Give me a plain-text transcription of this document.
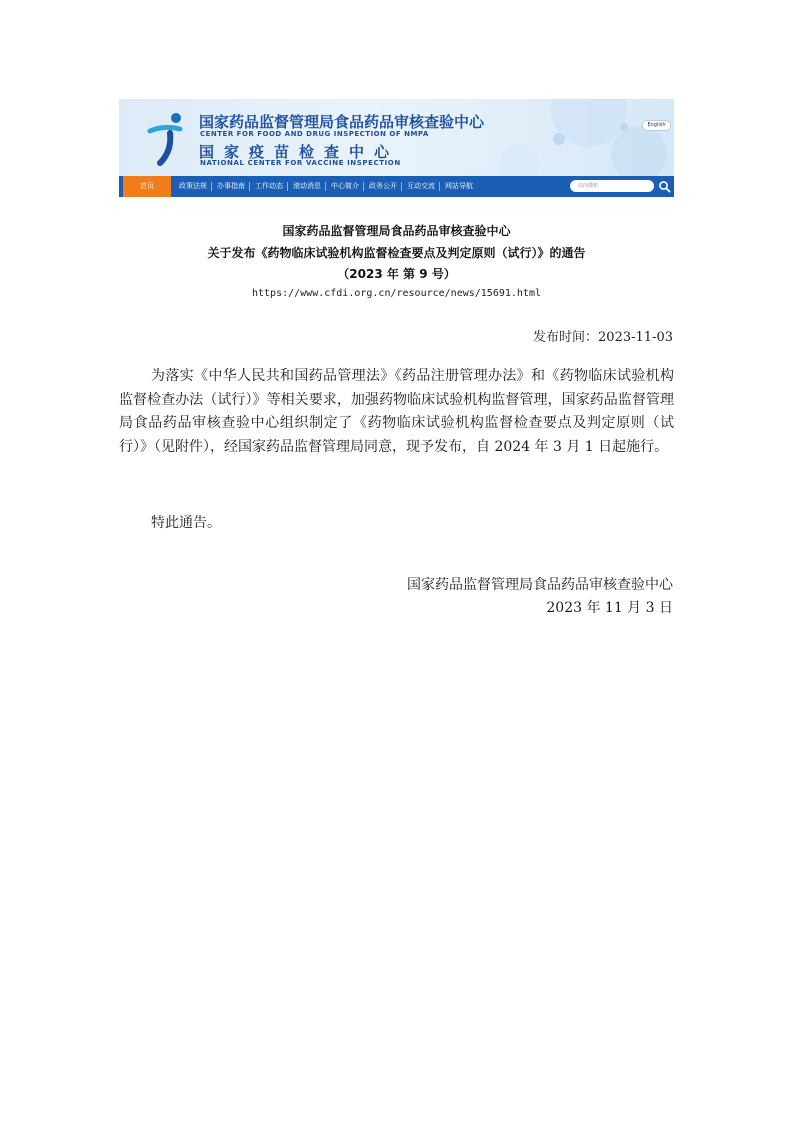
国家药品监督管理局食品药品审核查验中心
CENTER FOR FOOD AND DRUG INSPECTION OF NMPA
国家疫苗检查中心
NATIONAL CENTER FOR VACCINE INSPECTION
English
首页	政策法规	办事指南	工作动态	滚动消息	中心简介	政务公开	互动交流	网站导航	站内搜索
国家药品监督管理局食品药品审核查验中心
关于发布《药物临床试验机构监督检查要点及判定原则（试行）》的通告
（2023 年 第 9 号）
https://www.cfdi.org.cn/resource/news/15691.html
发布时间：2023-11-03
为落实《中华人民共和国药品管理法》《药品注册管理办法》和《药物临床试验机构监督检查办法（试行）》等相关要求，加强药物临床试验机构监督管理，国家药品监督管理局食品药品审核查验中心组织制定了《药物临床试验机构监督检查要点及判定原则（试行）》（见附件），经国家药品监督管理局同意，现予发布，自 2024 年 3 月 1 日起施行。
特此通告。
国家药品监督管理局食品药品审核查验中心
2023 年 11 月 3 日
